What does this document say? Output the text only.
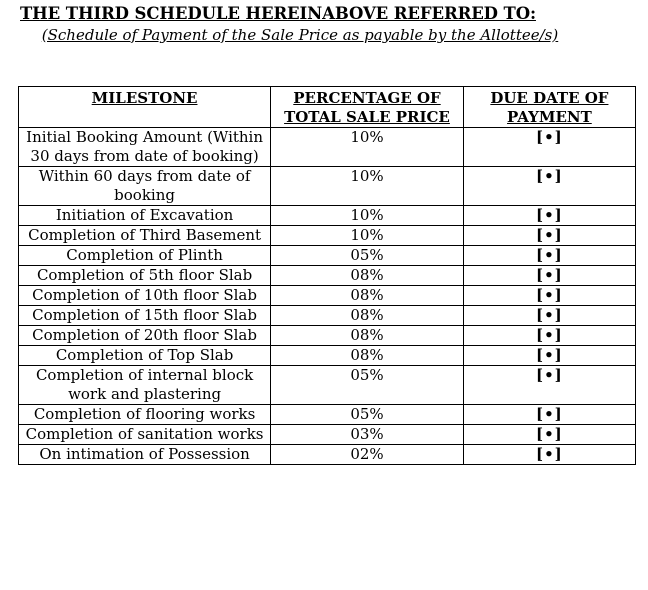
THE THIRD SCHEDULE HEREINABOVE REFERRED TO:
(Schedule of Payment of the Sale Price as payable by the Allottee/s)
MILESTONE	PERCENTAGE OF TOTAL SALE PRICE	DUE DATE OF PAYMENT
Initial Booking Amount (Within 30 days from date of booking)	10%	[•]
Within 60 days from date of booking	10%	[•]
Initiation of Excavation	10%	[•]
Completion of Third Basement	10%	[•]
Completion of Plinth	05%	[•]
Completion of 5th floor Slab	08%	[•]
Completion of 10th floor Slab	08%	[•]
Completion of 15th floor Slab	08%	[•]
Completion of 20th floor Slab	08%	[•]
Completion of Top Slab	08%	[•]
Completion of internal block work and plastering	05%	[•]
Completion of flooring works	05%	[•]
Completion of sanitation works	03%	[•]
On intimation of Possession	02%	[•]
